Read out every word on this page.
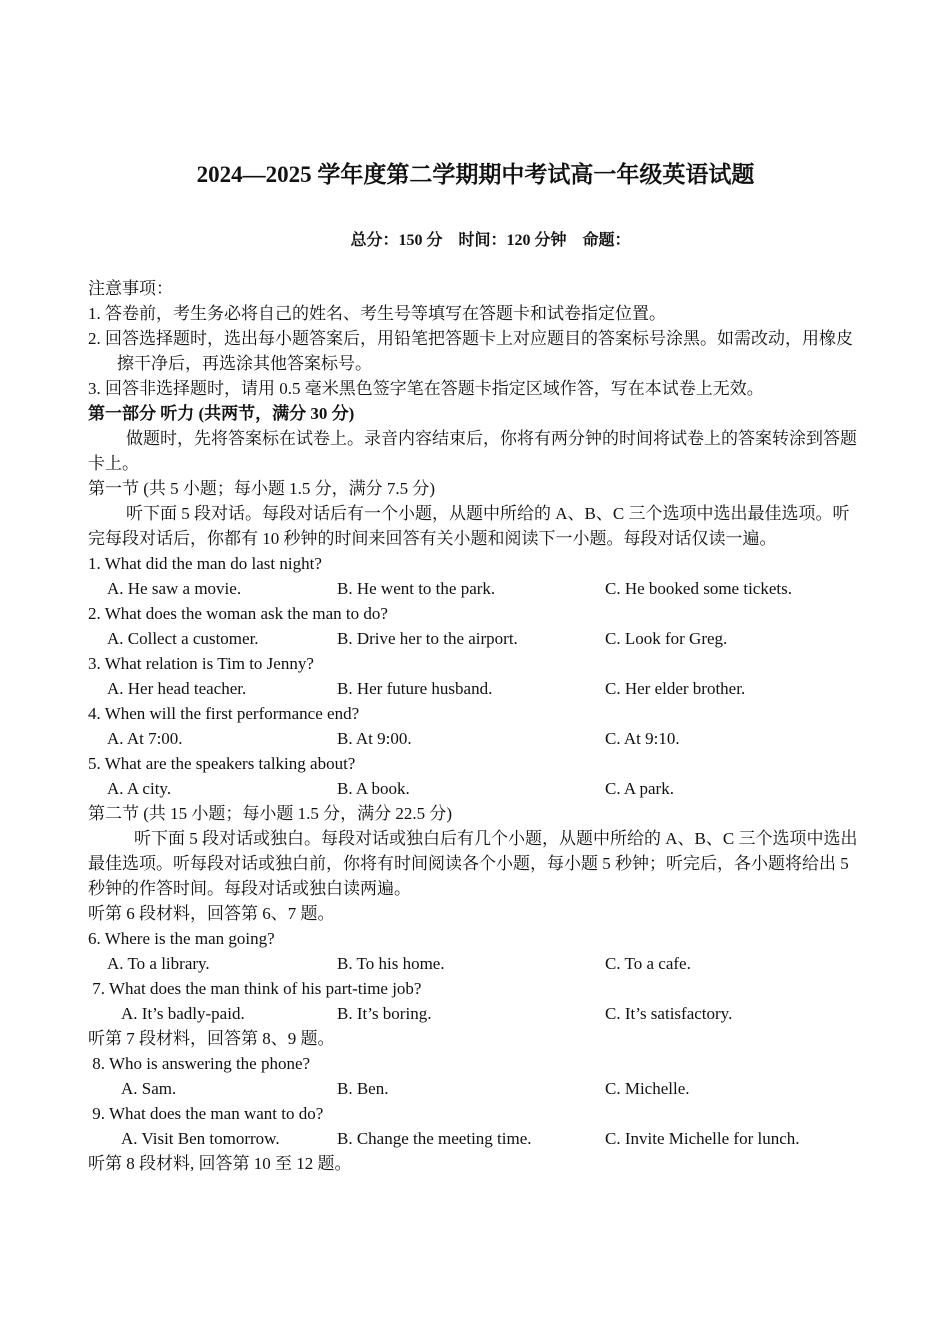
2024—2025 学年度第二学期期中考试高一年级英语试题
总分：150 分　时间：120 分钟　命题：
注意事项：
1. 答卷前，考生务必将自己的姓名、考生号等填写在答题卡和试卷指定位置。
2. 回答选择题时，选出每小题答案后，用铅笔把答题卡上对应题目的答案标号涂黑。如需改动，用橡皮擦干净后，再选涂其他答案标号。
3. 回答非选择题时，请用 0.5 毫米黑色签字笔在答题卡指定区域作答，写在本试卷上无效。
第一部分 听力 (共两节，满分 30 分)
做题时，先将答案标在试卷上。录音内容结束后，你将有两分钟的时间将试卷上的答案转涂到答题卡上。
第一节 (共 5 小题；每小题 1.5 分，满分 7.5 分)
听下面 5 段对话。每段对话后有一个小题，从题中所给的 A、B、C 三个选项中选出最佳选项。听完每段对话后，你都有 10 秒钟的时间来回答有关小题和阅读下一小题。每段对话仅读一遍。
1. What did the man do last night?
A. He saw a movie.	B. He went to the park.	C. He booked some tickets.
2. What does the woman ask the man to do?
A. Collect a customer.	B. Drive her to the airport.	C. Look for Greg.
3. What relation is Tim to Jenny?
A. Her head teacher.	B. Her future husband.	C. Her elder brother.
4. When will the first performance end?
A. At 7:00.	B. At 9:00.	C. At 9:10.
5. What are the speakers talking about?
A. A city.	B. A book.	C. A park.
第二节 (共 15 小题；每小题 1.5 分，满分 22.5 分)
听下面 5 段对话或独白。每段对话或独白后有几个小题，从题中所给的 A、B、C 三个选项中选出最佳选项。听每段对话或独白前，你将有时间阅读各个小题，每小题 5 秒钟；听完后，各小题将给出 5 秒钟的作答时间。每段对话或独白读两遍。
听第 6 段材料，回答第 6、7 题。
6. Where is the man going?
A. To a library.	B. To his home.	C. To a cafe.
7. What does the man think of his part-time job?
A. It’s badly-paid.	B. It’s boring.	C. It’s satisfactory.
听第 7 段材料，回答第 8、9 题。
8. Who is answering the phone?
A. Sam.	B. Ben.	C. Michelle.
9. What does the man want to do?
A. Visit Ben tomorrow.	B. Change the meeting time.	C. Invite Michelle for lunch.
听第 8 段材料, 回答第 10 至 12 题。
